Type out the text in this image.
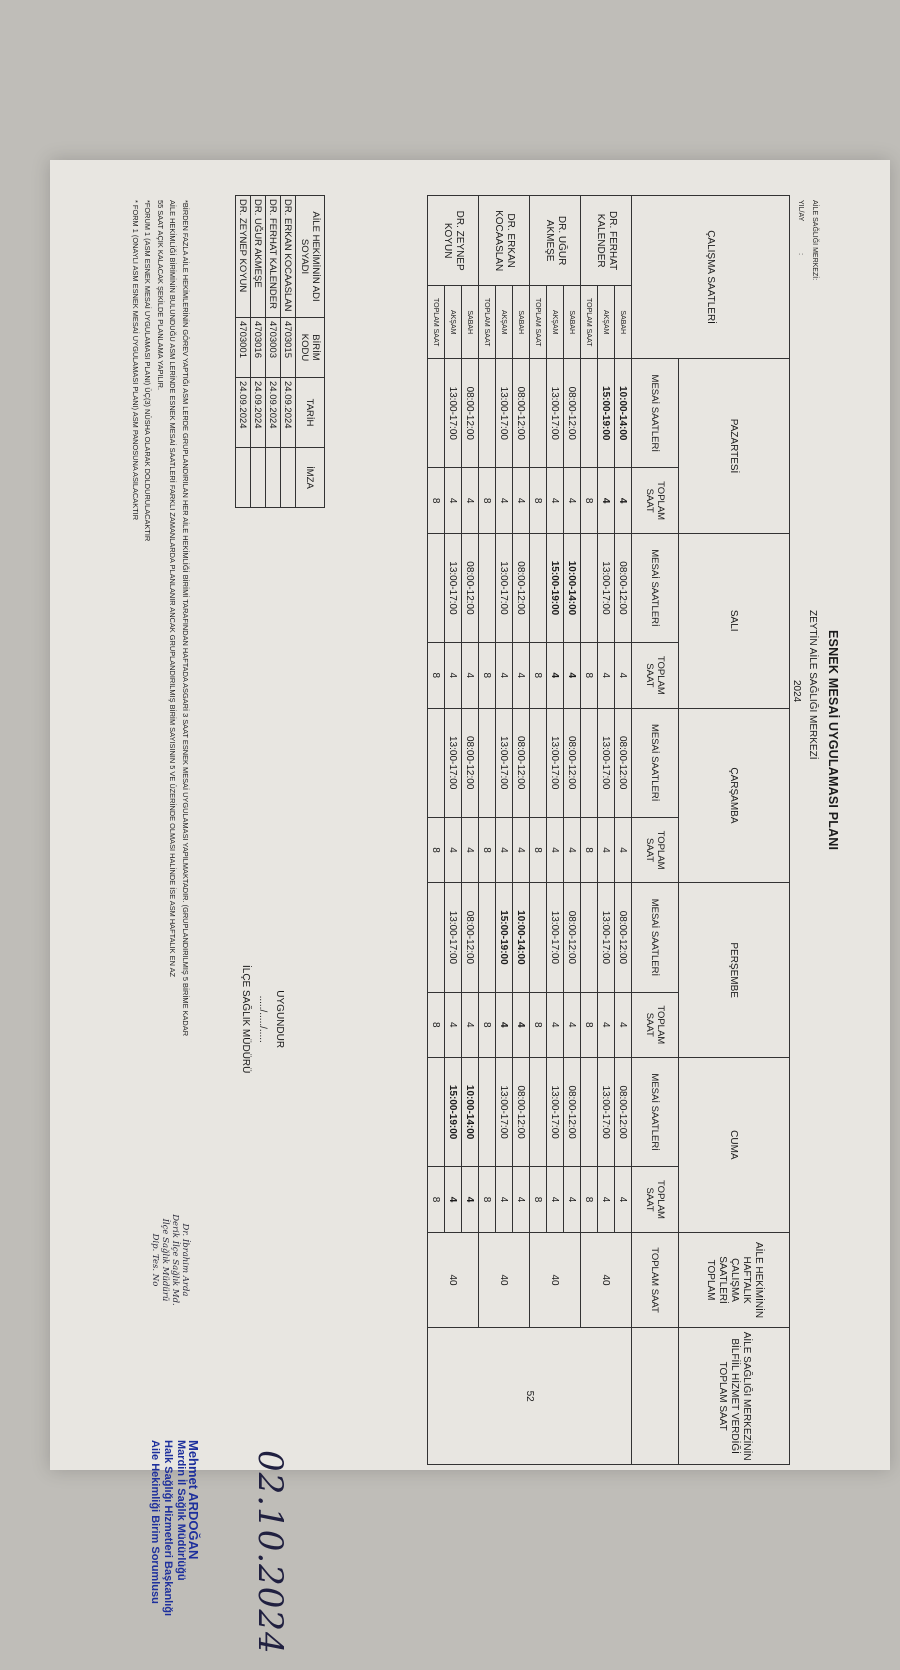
ESNEK MESAİ UYGULAMASI PLANI
ZEYTİN AİLE SAĞLIĞI MERKEZİ
2024
AİLE SAĞLIĞI MERKEZİ:
YIL/AY :
ÇALIŞMA SAATLERİ		PAZARTESİ		SALI		ÇARŞAMBA		PERŞEMBE		CUMA		AİLE HEKİMİNİN HAFTALIK ÇALIŞMA SAATLERİ TOPLAM	AİLE SAĞLIĞI MERKEZİNİN BİLFİİL HİZMET VERDİĞİ TOPLAM SAAT
		MESAİ SAATLERİ	TOPLAM SAAT	MESAİ SAATLERİ	TOPLAM SAAT	MESAİ SAATLERİ	TOPLAM SAAT	MESAİ SAATLERİ	TOPLAM SAAT	MESAİ SAATLERİ	TOPLAM SAAT	TOPLAM SAAT	
DR. FERHAT KALENDER	SABAH	10:00-14:00	4	08:00-12:00	4	08:00-12:00	4	08:00-12:00	4	08:00-12:00	4	40	52
	AKŞAM	15:00-19:00	4	13:00-17:00	4	13:00-17:00	4	13:00-17:00	4	13:00-17:00	4		
	TOPLAM SAAT		8		8		8		8		8		
DR. UĞUR AKMEŞE	SABAH	08:00-12:00	4	10:00-14:00	4	08:00-12:00	4	08:00-12:00	4	08:00-12:00	4	40	
	AKŞAM	13:00-17:00	4	15:00-19:00	4	13:00-17:00	4	13:00-17:00	4	13:00-17:00	4		
	TOPLAM SAAT		8		8		8		8		8		
DR. ERKAN KOCAASLAN	SABAH	08:00-12:00	4	08:00-12:00	4	08:00-12:00	4	10:00-14:00	4	08:00-12:00	4	40	
	AKŞAM	13:00-17:00	4	13:00-17:00	4	13:00-17:00	4	15:00-19:00	4	13:00-17:00	4		
	TOPLAM SAAT		8		8		8		8		8		
DR. ZEYNEP KOYUN	SABAH	08:00-12:00	4	08:00-12:00	4	08:00-12:00	4	08:00-12:00	4	10:00-14:00	4	40	
	AKŞAM	13:00-17:00	4	13:00-17:00	4	13:00-17:00	4	13:00-17:00	4	15:00-19:00	4		
	TOPLAM SAAT		8		8		8		8		8		
AİLE HEKİMİNİN ADI SOYADI	BİRİM KODU	TARİH	İMZA
DR. ERKAN KOCAASLAN	4703015	24.09.2024	
DR. FERHAT KALENDER	4703003	24.09.2024	
DR. UĞUR AKMEŞE	4703016	24.09.2024	
DR. ZEYNEP KOYUN	4703001	24.09.2024	
UYGUNDUR
...../...../.....
İLÇE SAĞLIK MÜDÜRÜ

*BİRDEN FAZLA AİLE HEKİMLERİNİN GÖREV YAPTIĞI ASM LERDE GRUPLANDIRILAN HER AİLE HEKİMLİĞİ BİRİMİ TARAFINDAN HAFTADA ASGARİ 3 SAAT ESNEK MESAİ UYGULAMASI YAPILMAKTADIR. (GRUPLANDIRILMIŞ 5 BİRİME KADAR

AİLE HEKİMLİĞİ BİRİMİNİN BULUNDUĞU ASM LERİNDE ESNEK MESAİ SAATLERİ FARKLI ZAMANLARDA PLANLANIR ANCAK GRUPLANDIRILMIŞ BİRİM SAYISININ 5 VE ÜZERİNDE OLMASI HALİNDE İSE ASM HAFTALIK EN AZ

55 SAAT AÇIK KALACAK ŞEKİLDE PLANLAMA YAPILIR.

*FORUM 1 (ASM ESNEK MESAİ UYGULAMASI PLANI) ÜÇ(3) NÜSHA OLARAK DOLDURULACAKTIR

* FORM 1 (ONAYLI ASM ESNEK MESAİ UYGULAMASI PLANI) ASM PANOSUNA ASILACAKTIR

Dr. İbrahim Arda
Derik İlçe Sağlık Md.
İlçe Sağlık Müdürü
Dip. Tes. No
Mehmet ARDOĞAN
Mardin İl Sağlık Müdürlüğü
Halk Sağlığı Hizmetleri Başkanlığı
Aile Hekimliği Birim Sorumlusu	02.10.2024
